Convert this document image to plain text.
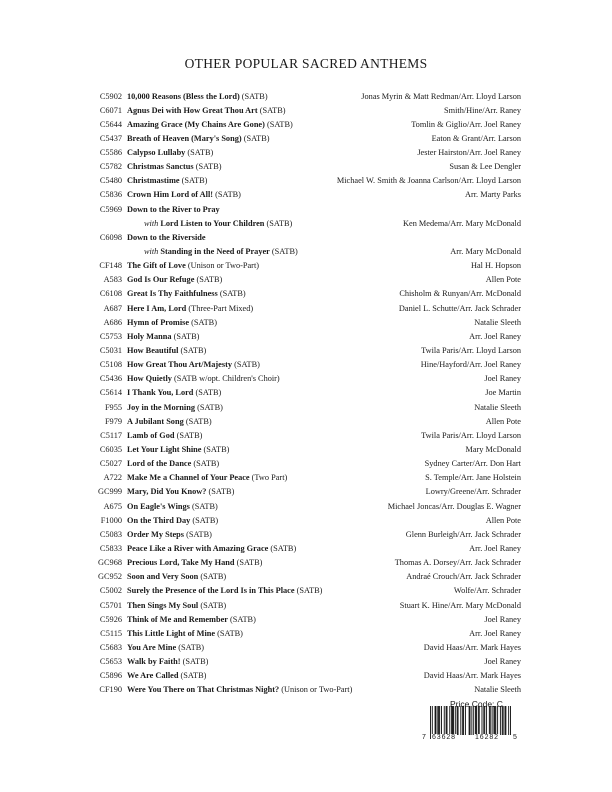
OTHER POPULAR SACRED ANTHEMS
C5902 10,000 Reasons (Bless the Lord) (SATB)	Jonas Myrin & Matt Redman/Arr. Lloyd Larson
C6071 Agnus Dei with How Great Thou Art (SATB)	Smith/Hine/Arr. Raney
C5644 Amazing Grace (My Chains Are Gone) (SATB)	Tomlin & Giglio/Arr. Joel Raney
C5437 Breath of Heaven (Mary's Song) (SATB)	Eaton & Grant/Arr. Larson
C5586 Calypso Lullaby (SATB)	Jester Hairston/Arr. Joel Raney
C5782 Christmas Sanctus (SATB)	Susan & Lee Dengler
C5480 Christmastime (SATB)	Michael W. Smith & Joanna Carlson/Arr. Lloyd Larson
C5836 Crown Him Lord of All! (SATB)	Arr. Marty Parks
C5969 Down to the River to Pray
with Lord Listen to Your Children (SATB)	Ken Medema/Arr. Mary McDonald
C6098 Down to the Riverside
with Standing in the Need of Prayer (SATB)	Arr. Mary McDonald
CF148 The Gift of Love (Unison or Two-Part)	Hal H. Hopson
A583 God Is Our Refuge (SATB)	Allen Pote
C6108 Great Is Thy Faithfulness (SATB)	Chisholm & Runyan/Arr. McDonald
A687 Here I Am, Lord (Three-Part Mixed)	Daniel L. Schutte/Arr. Jack Schrader
A686 Hymn of Promise (SATB)	Natalie Sleeth
C5753 Holy Manna (SATB)	Arr. Joel Raney
C5031 How Beautiful (SATB)	Twila Paris/Arr. Lloyd Larson
C5108 How Great Thou Art/Majesty (SATB)	Hine/Hayford/Arr. Joel Raney
C5436 How Quietly (SATB w/opt. Children's Choir)	Joel Raney
C5614 I Thank You, Lord (SATB)	Joe Martin
F955 Joy in the Morning (SATB)	Natalie Sleeth
F979 A Jubilant Song (SATB)	Allen Pote
C5117 Lamb of God (SATB)	Twila Paris/Arr. Lloyd Larson
C6035 Let Your Light Shine (SATB)	Mary McDonald
C5027 Lord of the Dance (SATB)	Sydney Carter/Arr. Don Hart
A722 Make Me a Channel of Your Peace (Two Part)	S. Temple/Arr. Jane Holstein
GC999 Mary, Did You Know? (SATB)	Lowry/Greene/Arr. Schrader
A675 On Eagle's Wings (SATB)	Michael Joncas/Arr. Douglas E. Wagner
F1000 On the Third Day (SATB)	Allen Pote
C5083 Order My Steps (SATB)	Glenn Burleigh/Arr. Jack Schrader
C5833 Peace Like a River with Amazing Grace (SATB)	Arr. Joel Raney
GC968 Precious Lord, Take My Hand (SATB)	Thomas A. Dorsey/Arr. Jack Schrader
GC952 Soon and Very Soon (SATB)	Andraé Crouch/Arr. Jack Schrader
C5002 Surely the Presence of the Lord Is in This Place (SATB)	Wolfe/Arr. Schrader
C5701 Then Sings My Soul (SATB)	Stuart K. Hine/Arr. Mary McDonald
C5926 Think of Me and Remember (SATB)	Joel Raney
C5115 This Little Light of Mine (SATB)	Arr. Joel Raney
C5683 You Are Mine (SATB)	David Haas/Arr. Mark Hayes
C5653 Walk by Faith! (SATB)	Joel Raney
C5896 We Are Called (SATB)	David Haas/Arr. Mark Hayes
CF190 Were You There on That Christmas Night? (Unison or Two-Part)	Natalie Sleeth
Price Code: C
7 63628	16282 5
